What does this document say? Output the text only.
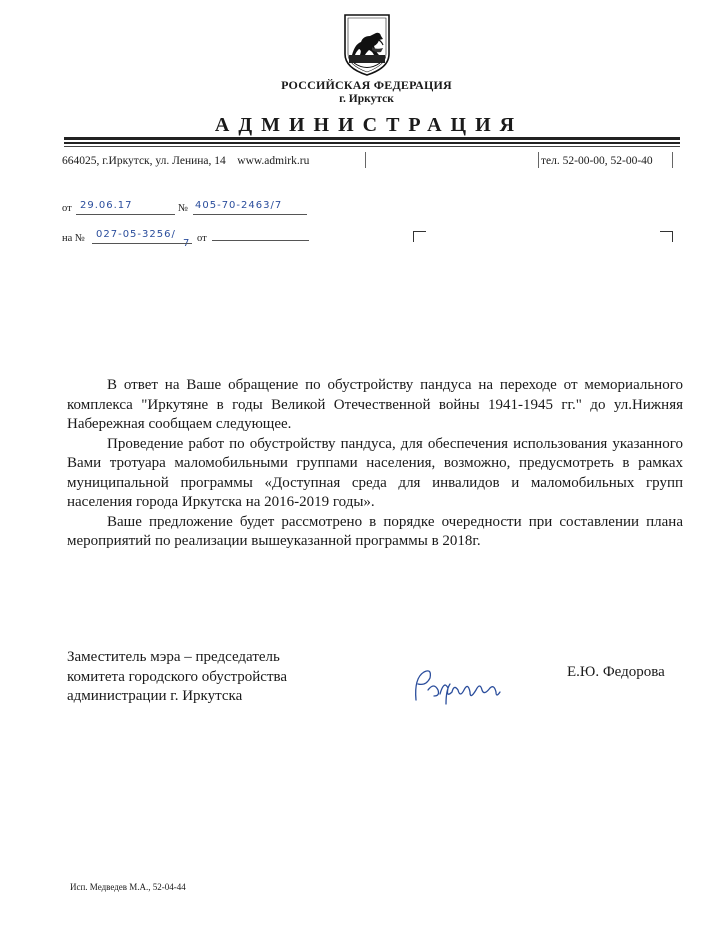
РОССИЙСКАЯ ФЕДЕРАЦИЯ
г. Иркутск
АДМИНИСТРАЦИЯ
664025, г.Иркутск, ул. Ленина, 14 www.admirk.ru	тел. 52-00-00, 52-00-40
от 29.06.17	№ 405-70-2463/7
на № 027-05-3256/ от

В ответ на Ваше обращение по обустройству пандуса на переходе от мемориального комплекса "Иркутяне в годы Великой Отечественной войны 1941-1945 гг." до ул.Нижняя Набережная сообщаем следующее.

Проведение работ по обустройству пандуса, для обеспечения использования указанного Вами тротуара маломобильными группами населения, возможно, предусмотреть в рамках муниципальной программы «Доступная среда для инвалидов и маломобильных групп населения города Иркутска на 2016-2019 годы».

Ваше предложение будет рассмотрено в порядке очередности при составлении плана мероприятий по реализации вышеуказанной программы в 2018г.

Заместитель мэра – председатель
комитета городского обустройства
администрации г. Иркутска
Е.Ю. Федорова
Исп. Медведев М.А., 52-04-44
